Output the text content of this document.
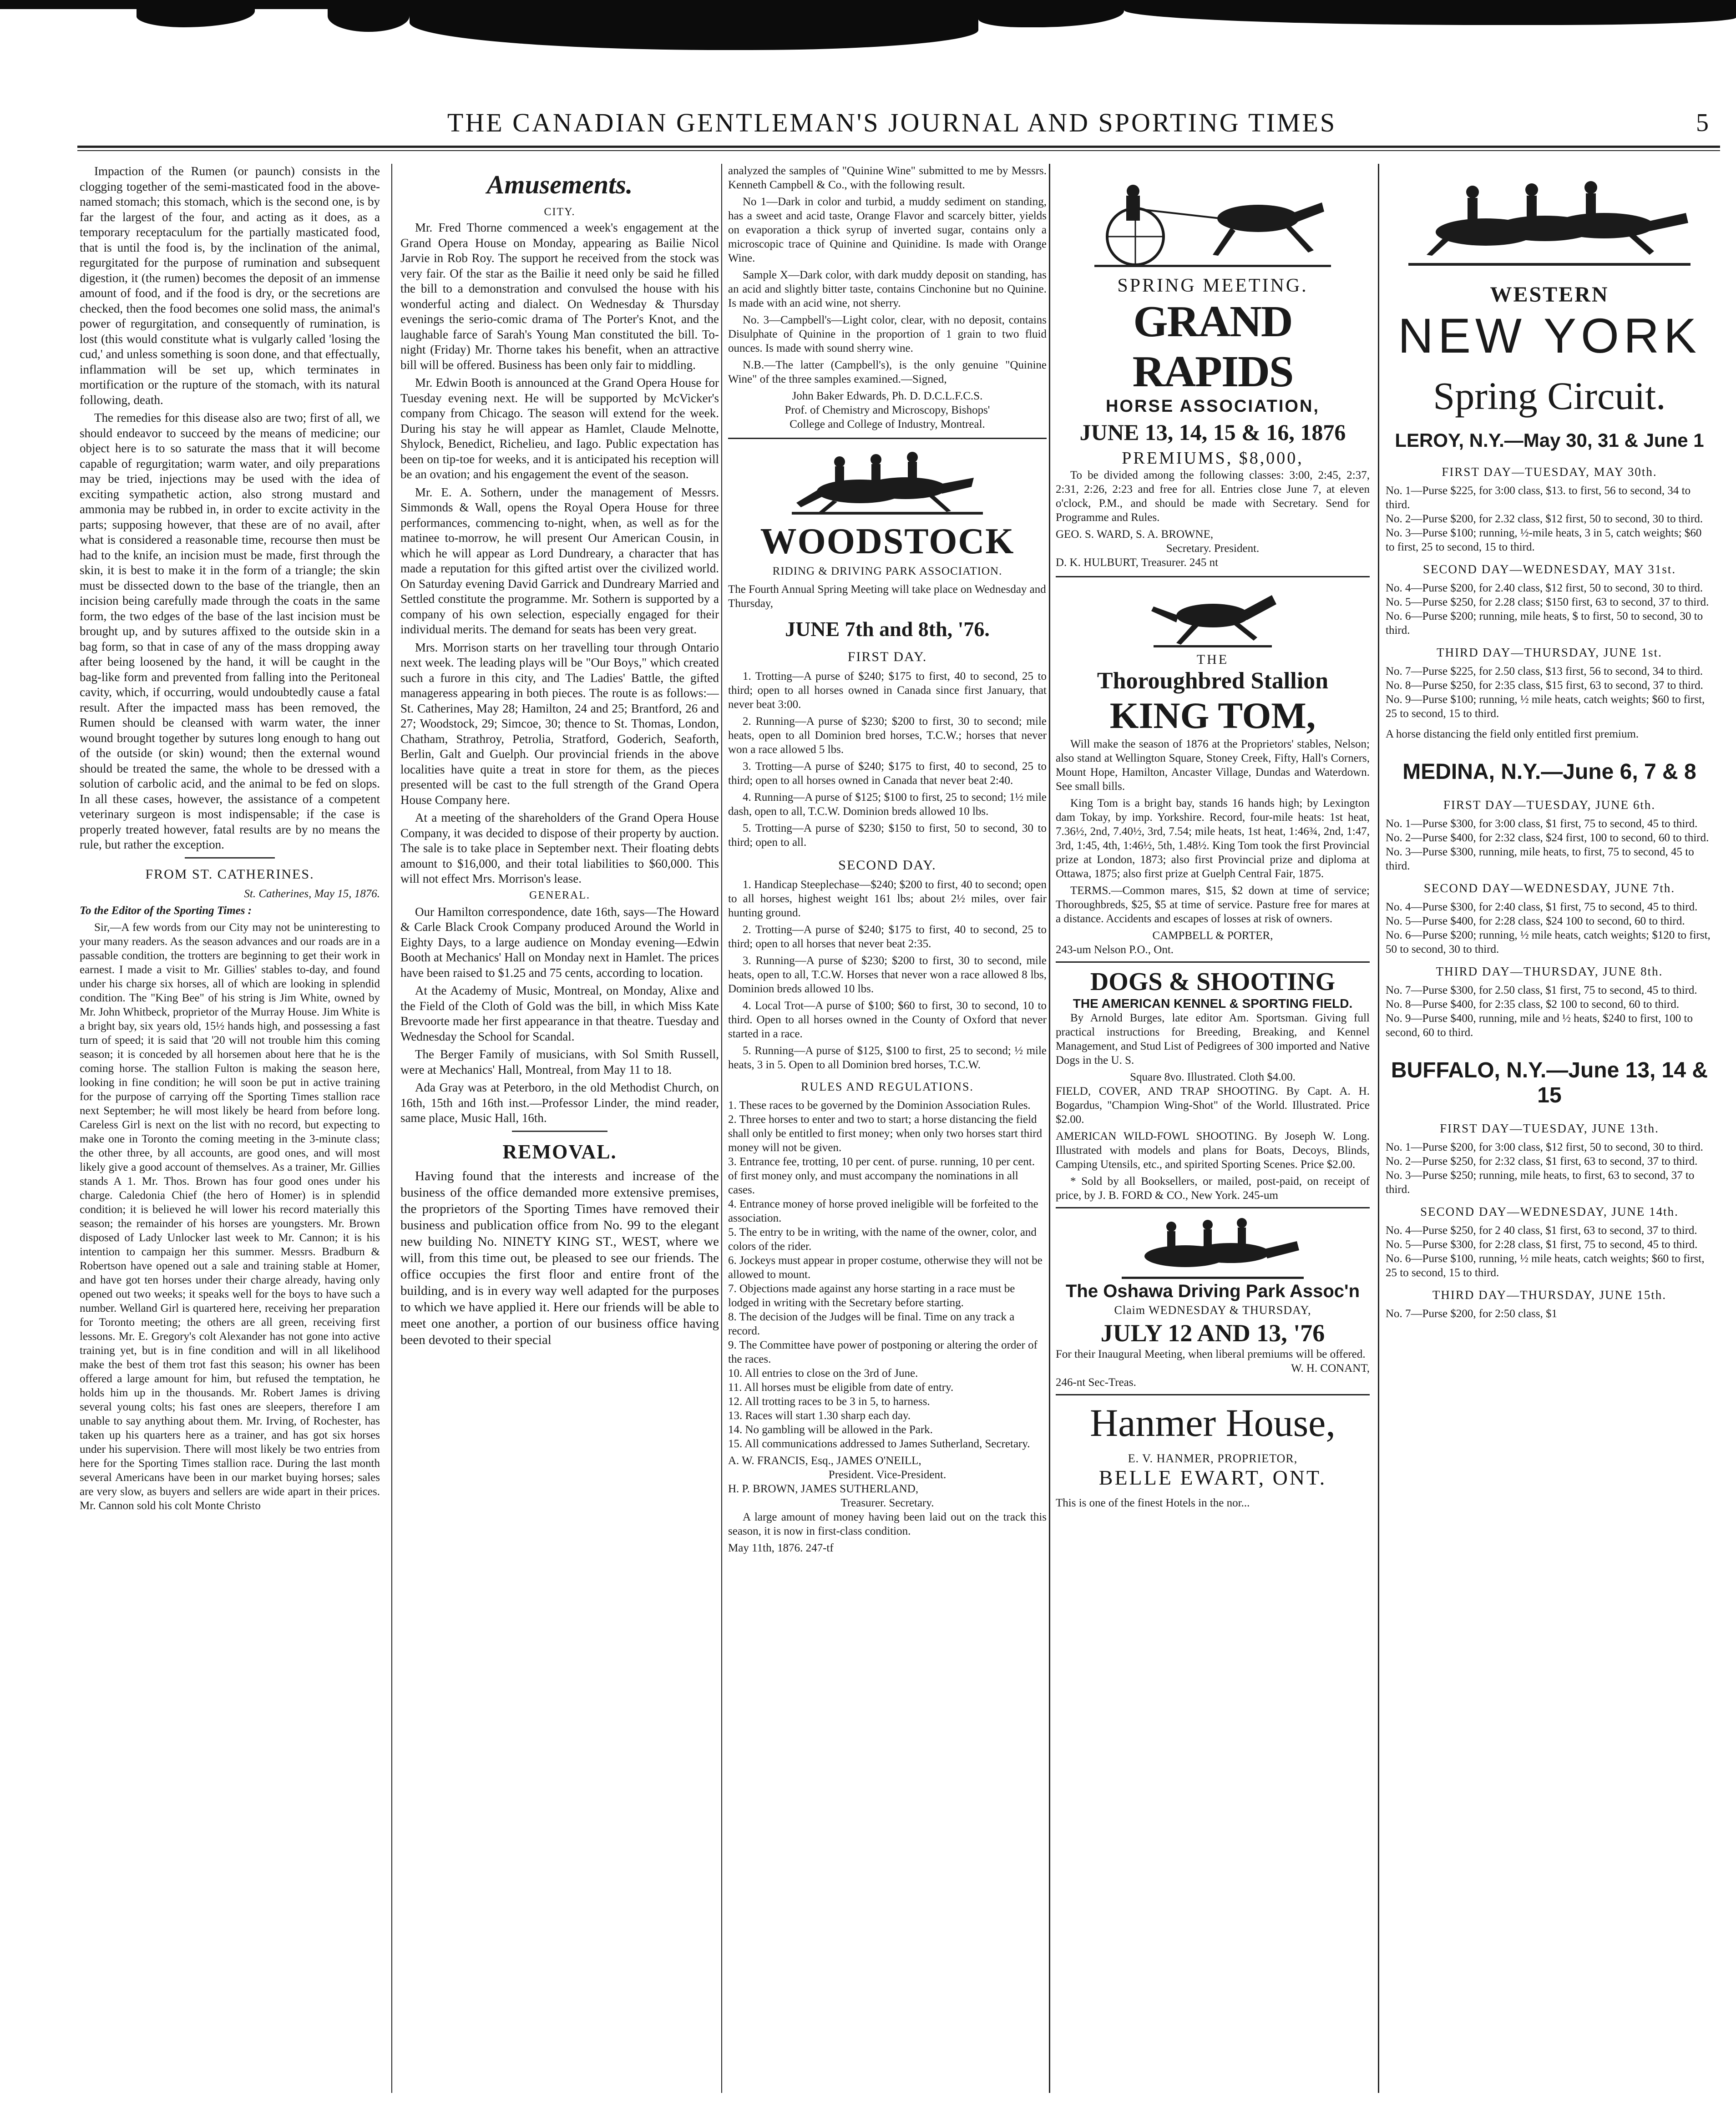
THE CANADIAN GENTLEMAN'S JOURNAL AND SPORTING TIMES	5

Impaction of the Rumen (or paunch) consists in the clogging together of the semi-masticated food in the above-named stomach; this stomach, which is the second one, is by far the largest of the four, and acting as it does, as a temporary receptaculum for the partially masticated food, that is until the food is, by the inclination of the animal, regurgitated for the purpose of rumination and subsequent digestion, it (the rumen) becomes the deposit of an immense amount of food, and if the food is dry, or the secretions are checked, then the food becomes one solid mass, the animal's power of regurgitation, and consequently of rumination, is lost (this would constitute what is vulgarly called 'losing the cud,' and unless something is soon done, and that effectually, inflammation will be set up, which terminates in mortification or the rupture of the stomach, with its natural following, death.

The remedies for this disease also are two; first of all, we should endeavor to succeed by the means of medicine; our object here is to so saturate the mass that it will become capable of regurgitation; warm water, and oily preparations may be tried, injections may be used with the idea of exciting sympathetic action, also strong mustard and ammonia may be rubbed in, in order to excite activity in the parts; supposing however, that these are of no avail, after what is considered a reasonable time, recourse then must be had to the knife, an incision must be made, first through the skin, it is best to make it in the form of a triangle; the skin must be dissected down to the base of the triangle, then an incision being carefully made through the coats in the same form, the two edges of the base of the last incision must be brought up, and by sutures affixed to the outside skin in a bag form, so that in case of any of the mass dropping away after being loosened by the hand, it will be caught in the bag-like form and prevented from falling into the Peritoneal cavity, which, if occurring, would undoubtedly cause a fatal result. After the impacted mass has been removed, the Rumen should be cleansed with warm water, the inner wound brought together by sutures long enough to hang out of the outside (or skin) wound; then the external wound should be treated the same, the whole to be dressed with a solution of carbolic acid, and the animal to be fed on slops. In all these cases, however, the assistance of a competent veterinary surgeon is most indispensable; if the case is properly treated however, fatal results are by no means the rule, but rather the exception.

FROM ST. CATHERINES.
St. Catherines, May 15, 1876.
To the Editor of the Sporting Times :

Sir,—A few words from our City may not be uninteresting to your many readers. As the season advances and our roads are in a passable condition, the trotters are beginning to get their work in earnest. I made a visit to Mr. Gillies' stables to-day, and found under his charge six horses, all of which are looking in splendid condition. The "King Bee" of his string is Jim White, owned by Mr. John Whitbeck, proprietor of the Murray House. Jim White is a bright bay, six years old, 15½ hands high, and possessing a fast turn of speed; it is said that '20 will not trouble him this coming season; it is conceded by all horsemen about here that he is the coming horse. The stallion Fulton is making the season here, looking in fine condition; he will soon be put in active training for the purpose of carrying off the Sporting Times stallion race next September; he will most likely be heard from before long. Careless Girl is next on the list with no record, but expecting to make one in Toronto the coming meeting in the 3-minute class; the other three, by all accounts, are good ones, and will most likely give a good account of themselves. As a trainer, Mr. Gillies stands A 1. Mr. Thos. Brown has four good ones under his charge. Caledonia Chief (the hero of Homer) is in splendid condition; it is believed he will lower his record materially this season; the remainder of his horses are youngsters. Mr. Brown disposed of Lady Unlocker last week to Mr. Cannon; it is his intention to campaign her this summer. Messrs. Bradburn & Robertson have opened out a sale and training stable at Homer, and have got ten horses under their charge already, having only opened out two weeks; it speaks well for the boys to have such a number. Welland Girl is quartered here, receiving her preparation for Toronto meeting; the others are all green, receiving first lessons. Mr. E. Gregory's colt Alexander has not gone into active training yet, but is in fine condition and will in all likelihood make the best of them trot fast this season; his owner has been offered a large amount for him, but refused the temptation, he holds him up in the thousands. Mr. Robert James is driving several young colts; his fast ones are sleepers, therefore I am unable to say anything about them. Mr. Irving, of Rochester, has taken up his quarters here as a trainer, and has got six horses under his supervision. There will most likely be two entries from here for the Sporting Times stallion race. During the last month several Americans have been in our market buying horses; sales are very slow, as buyers and sellers are wide apart in their prices. Mr. Cannon sold his colt Monte Christo

Amusements.
CITY.

Mr. Fred Thorne commenced a week's engagement at the Grand Opera House on Monday, appearing as Bailie Nicol Jarvie in Rob Roy. The support he received from the stock was very fair. Of the star as the Bailie it need only be said he filled the bill to a demonstration and convulsed the house with his wonderful acting and dialect. On Wednesday & Thursday evenings the serio-comic drama of The Porter's Knot, and the laughable farce of Sarah's Young Man constituted the bill. To-night (Friday) Mr. Thorne takes his benefit, when an attractive bill will be offered. Business has been only fair to middling.

Mr. Edwin Booth is announced at the Grand Opera House for Tuesday evening next. He will be supported by McVicker's company from Chicago. The season will extend for the week. During his stay he will appear as Hamlet, Claude Melnotte, Shylock, Benedict, Richelieu, and Iago. Public expectation has been on tip-toe for weeks, and it is anticipated his reception will be an ovation; and his engagement the event of the season.

Mr. E. A. Sothern, under the management of Messrs. Simmonds & Wall, opens the Royal Opera House for three performances, commencing to-night, when, as well as for the matinee to-morrow, he will present Our American Cousin, in which he will appear as Lord Dundreary, a character that has made a reputation for this gifted artist over the civilized world. On Saturday evening David Garrick and Dundreary Married and Settled constitute the programme. Mr. Sothern is supported by a company of his own selection, especially engaged for their individual merits. The demand for seats has been very great.

Mrs. Morrison starts on her travelling tour through Ontario next week. The leading plays will be "Our Boys," which created such a furore in this city, and The Ladies' Battle, the gifted manageress appearing in both pieces. The route is as follows:—St. Catherines, May 28; Hamilton, 24 and 25; Brantford, 26 and 27; Woodstock, 29; Simcoe, 30; thence to St. Thomas, London, Chatham, Strathroy, Petrolia, Stratford, Goderich, Seaforth, Berlin, Galt and Guelph. Our provincial friends in the above localities have quite a treat in store for them, as the pieces presented will be cast to the full strength of the Grand Opera House Company here.

At a meeting of the shareholders of the Grand Opera House Company, it was decided to dispose of their property by auction. The sale is to take place in September next. Their floating debts amount to $16,000, and their total liabilities to $60,000. This will not effect Mrs. Morrison's lease.

GENERAL.

Our Hamilton correspondence, date 16th, says—The Howard & Carle Black Crook Company produced Around the World in Eighty Days, to a large audience on Monday evening—Edwin Booth at Mechanics' Hall on Monday next in Hamlet. The prices have been raised to $1.25 and 75 cents, according to location.

At the Academy of Music, Montreal, on Monday, Alixe and the Field of the Cloth of Gold was the bill, in which Miss Kate Brevoorte made her first appearance in that theatre. Tuesday and Wednesday the School for Scandal.

The Berger Family of musicians, with Sol Smith Russell, were at Mechanics' Hall, Montreal, from May 11 to 18.

Ada Gray was at Peterboro, in the old Methodist Church, on 16th, 15th and 16th inst.—Professor Linder, the mind reader, same place, Music Hall, 16th.

REMOVAL.

Having found that the interests and increase of the business of the office demanded more extensive premises, the proprietors of the Sporting Times have removed their business and publication office from No. 99 to the elegant new building No. NINETY KING ST., WEST, where we will, from this time out, be pleased to see our friends. The office occupies the first floor and entire front of the building, and is in every way well adapted for the purposes to which we have applied it. Here our friends will be able to meet one another, a portion of our business office having been devoted to their special

analyzed the samples of "Quinine Wine" submitted to me by Messrs. Kenneth Campbell & Co., with the following result.

No 1—Dark in color and turbid, a muddy sediment on standing, has a sweet and acid taste, Orange Flavor and scarcely bitter, yields on evaporation a thick syrup of inverted sugar, contains only a microscopic trace of Quinine and Quinidine. Is made with Orange Wine.

Sample X—Dark color, with dark muddy deposit on standing, has an acid and slightly bitter taste, contains Cinchonine but no Quinine. Is made with an acid wine, not sherry.

No. 3—Campbell's—Light color, clear, with no deposit, contains Disulphate of Quinine in the proportion of 1 grain to two fluid ounces. Is made with sound sherry wine.

N.B.—The latter (Campbell's), is the only genuine "Quinine Wine" of the three samples examined.—Signed,

John Baker Edwards, Ph. D. D.C.L.F.C.S.
Prof. of Chemistry and Microscopy, Bishops'
College and College of Industry, Montreal.
WOODSTOCK
RIDING & DRIVING PARK ASSOCIATION.
The Fourth Annual Spring Meeting will take place on Wednesday and Thursday,
JUNE 7th and 8th, '76.
FIRST DAY.

1. Trotting—A purse of $240; $175 to first, 40 to second, 25 to third; open to all horses owned in Canada since first January, that never beat 3:00.

2. Running—A purse of $230; $200 to first, 30 to second; mile heats, open to all Dominion bred horses, T.C.W.; horses that never won a race allowed 5 lbs.

3. Trotting—A purse of $240; $175 to first, 40 to second, 25 to third; open to all horses owned in Canada that never beat 2:40.

4. Running—A purse of $125; $100 to first, 25 to second; 1½ mile dash, open to all, T.C.W. Dominion breds allowed 10 lbs.

5. Trotting—A purse of $230; $150 to first, 50 to second, 30 to third; open to all.

SECOND DAY.

1. Handicap Steeplechase—$240; $200 to first, 40 to second; open to all horses, highest weight 161 lbs; about 2½ miles, over fair hunting ground.

2. Trotting—A purse of $240; $175 to first, 40 to second, 25 to third; open to all horses that never beat 2:35.

3. Running—A purse of $230; $200 to first, 30 to second, mile heats, open to all, T.C.W. Horses that never won a race allowed 8 lbs, Dominion breds allowed 10 lbs.

4. Local Trot—A purse of $100; $60 to first, 30 to second, 10 to third. Open to all horses owned in the County of Oxford that never started in a race.

5. Running—A purse of $125, $100 to first, 25 to second; ½ mile heats, 3 in 5. Open to all Dominion bred horses, T.C.W.

RULES AND REGULATIONS.
1. These races to be governed by the Dominion Association Rules.
2. Three horses to enter and two to start; a horse distancing the field shall only be entitled to first money; when only two horses start third money will not be given.
3. Entrance fee, trotting, 10 per cent. of purse. running, 10 per cent. of first money only, and must accompany the nominations in all cases.
4. Entrance money of horse proved ineligible will be forfeited to the association.
5. The entry to be in writing, with the name of the owner, color, and colors of the rider.
6. Jockeys must appear in proper costume, otherwise they will not be allowed to mount.
7. Objections made against any horse starting in a race must be lodged in writing with the Secretary before starting.
8. The decision of the Judges will be final. Time on any track a record.
9. The Committee have power of postponing or altering the order of the races.
10. All entries to close on the 3rd of June.
11. All horses must be eligible from date of entry.
12. All trotting races to be 3 in 5, to harness.
13. Races will start 1.30 sharp each day.
14. No gambling will be allowed in the Park.
15. All communications addressed to James Sutherland, Secretary.
A. W. FRANCIS, Esq., JAMES O'NEILL,
President. Vice-President.
H. P. BROWN, JAMES SUTHERLAND,
Treasurer. Secretary.

A large amount of money having been laid out on the track this season, it is now in first-class condition.

May 11th, 1876. 247-tf
SPRING MEETING.
GRAND RAPIDS
HORSE ASSOCIATION,
JUNE 13, 14, 15 & 16, 1876
PREMIUMS, $8,000,

To be divided among the following classes: 3:00, 2:45, 2:37, 2:31, 2:26, 2:23 and free for all. Entries close June 7, at eleven o'clock, P.M., and should be made with Secretary. Send for Programme and Rules.

GEO. S. WARD, S. A. BROWNE,
Secretary. President.
D. K. HULBURT, Treasurer. 245 nt
THE
Thoroughbred Stallion
KING TOM,

Will make the season of 1876 at the Proprietors' stables, Nelson; also stand at Wellington Square, Stoney Creek, Fifty, Hall's Corners, Mount Hope, Hamilton, Ancaster Village, Dundas and Waterdown. See small bills.

King Tom is a bright bay, stands 16 hands high; by Lexington dam Tokay, by imp. Yorkshire. Record, four-mile heats: 1st heat, 7.36½, 2nd, 7.40½, 3rd, 7.54; mile heats, 1st heat, 1:46¾, 2nd, 1:47, 3rd, 1:45, 4th, 1:46½, 5th, 1.48½. King Tom took the first Provincial prize at London, 1873; also first Provincial prize and diploma at Ottawa, 1875; also first prize at Guelph Central Fair, 1875.

TERMS.—Common mares, $15, $2 down at time of service; Thoroughbreds, $25, $5 at time of service. Pasture free for mares at a distance. Accidents and escapes of losses at risk of owners.

CAMPBELL & PORTER,
243-um Nelson P.O., Ont.
DOGS & SHOOTING
THE AMERICAN KENNEL & SPORTING FIELD.

By Arnold Burges, late editor Am. Sportsman. Giving full practical instructions for Breeding, Breaking, and Kennel Management, and Stud List of Pedigrees of 300 imported and Native Dogs in the U. S.

Square 8vo. Illustrated. Cloth $4.00.

FIELD, COVER, AND TRAP SHOOTING. By Capt. A. H. Bogardus, "Champion Wing-Shot" of the World. Illustrated. Price $2.00.

AMERICAN WILD-FOWL SHOOTING. By Joseph W. Long. Illustrated with models and plans for Boats, Decoys, Blinds, Camping Utensils, etc., and spirited Sporting Scenes. Price $2.00.

* Sold by all Booksellers, or mailed, post-paid, on receipt of price, by J. B. FORD & CO., New York. 245-um

The Oshawa Driving Park Assoc'n
Claim WEDNESDAY & THURSDAY,
JULY 12 AND 13, '76
For their Inaugural Meeting, when liberal premiums will be offered.
W. H. CONANT,
246-nt Sec-Treas.
Hanmer House,
E. V. HANMER, PROPRIETOR,
BELLE EWART, ONT.
This is one of the finest Hotels in the nor...
WESTERN
NEW YORK
Spring Circuit.
LEROY, N.Y.—May 30, 31 & June 1
FIRST DAY—TUESDAY, MAY 30th.
No. 1—Purse $225, for 3:00 class, $13. to first, 56 to second, 34 to third.
No. 2—Purse $200, for 2.32 class, $12 first, 50 to second, 30 to third.
No. 3—Purse $100; running, ½-mile heats, 3 in 5, catch weights; $60 to first, 25 to second, 15 to third.
SECOND DAY—WEDNESDAY, MAY 31st.
No. 4—Purse $200, for 2.40 class, $12 first, 50 to second, 30 to third.
No. 5—Purse $250, for 2.28 class; $150 first, 63 to second, 37 to third.
No. 6—Purse $200; running, mile heats, $ to first, 50 to second, 30 to third.
THIRD DAY—THURSDAY, JUNE 1st.
No. 7—Purse $225, for 2.50 class, $13 first, 56 to second, 34 to third.
No. 8—Purse $250, for 2:35 class, $15 first, 63 to second, 37 to third.
No. 9—Purse $100; running, ½ mile heats, catch weights; $60 to first, 25 to second, 15 to third.
A horse distancing the field only entitled first premium.
MEDINA, N.Y.—June 6, 7 & 8
FIRST DAY—TUESDAY, JUNE 6th.
No. 1—Purse $300, for 3:00 class, $1 first, 75 to second, 45 to third.
No. 2—Purse $400, for 2:32 class, $24 first, 100 to second, 60 to third.
No. 3—Purse $300, running, mile heats, to first, 75 to second, 45 to third.
SECOND DAY—WEDNESDAY, JUNE 7th.
No. 4—Purse $300, for 2:40 class, $1 first, 75 to second, 45 to third.
No. 5—Purse $400, for 2:28 class, $24 100 to second, 60 to third.
No. 6—Purse $200; running, ½ mile heats, catch weights; $120 to first, 50 to second, 30 to third.
THIRD DAY—THURSDAY, JUNE 8th.
No. 7—Purse $300, for 2.50 class, $1 first, 75 to second, 45 to third.
No. 8—Purse $400, for 2:35 class, $2 100 to second, 60 to third.
No. 9—Purse $400, running, mile and ½ heats, $240 to first, 100 to second, 60 to third.
BUFFALO, N.Y.—June 13, 14 & 15
FIRST DAY—TUESDAY, JUNE 13th.
No. 1—Purse $200, for 3:00 class, $12 first, 50 to second, 30 to third.
No. 2—Purse $250, for 2:32 class, $1 first, 63 to second, 37 to third.
No. 3—Purse $250; running, mile heats, to first, 63 to second, 37 to third.
SECOND DAY—WEDNESDAY, JUNE 14th.
No. 4—Purse $250, for 2 40 class, $1 first, 63 to second, 37 to third.
No. 5—Purse $300, for 2:28 class, $1 first, 75 to second, 45 to third.
No. 6—Purse $100, running, ½ mile heats, catch weights; $60 to first, 25 to second, 15 to third.
THIRD DAY—THURSDAY, JUNE 15th.
No. 7—Purse $200, for 2:50 class, $1
